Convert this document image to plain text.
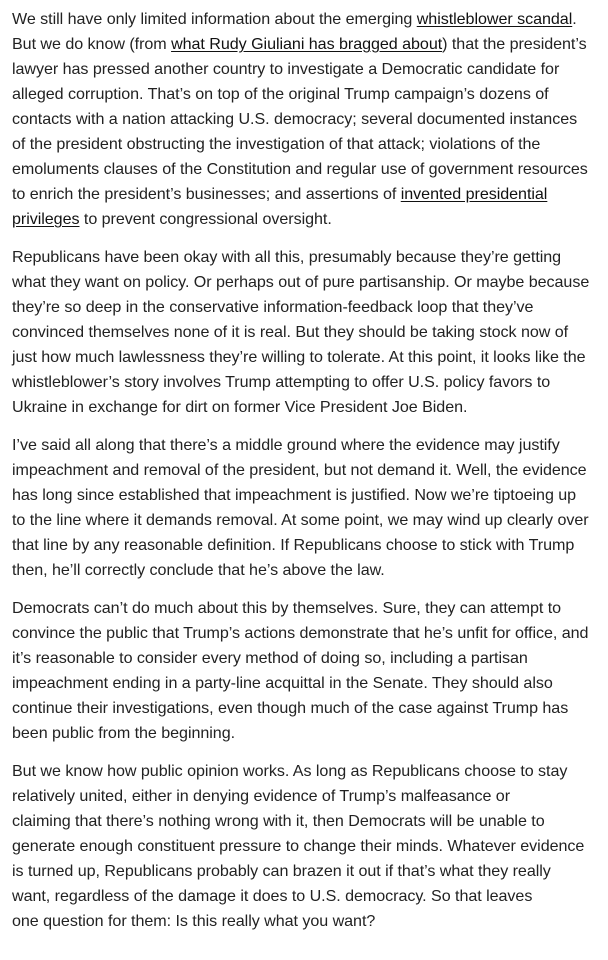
We still have only limited information about the emerging whistleblower scandal.
But we do know (from what Rudy Giuliani has bragged about) that the president’s
lawyer has pressed another country to investigate a Democratic candidate for
alleged corruption. That’s on top of the original Trump campaign’s dozens of
contacts with a nation attacking U.S. democracy; several documented instances
of the president obstructing the investigation of that attack; violations of the
emoluments clauses of the Constitution and regular use of government resources
to enrich the president’s businesses; and assertions of invented presidential
privileges to prevent congressional oversight.

Republicans have been okay with all this, presumably because they’re getting
what they want on policy. Or perhaps out of pure partisanship. Or maybe because
they’re so deep in the conservative information-feedback loop that they’ve
convinced themselves none of it is real. But they should be taking stock now of
just how much lawlessness they’re willing to tolerate. At this point, it looks like the
whistleblower’s story involves Trump attempting to offer U.S. policy favors to
Ukraine in exchange for dirt on former Vice President Joe Biden.

I’ve said all along that there’s a middle ground where the evidence may justify
impeachment and removal of the president, but not demand it. Well, the evidence
has long since established that impeachment is justified. Now we’re tiptoeing up
to the line where it demands removal. At some point, we may wind up clearly over
that line by any reasonable definition. If Republicans choose to stick with Trump
then, he’ll correctly conclude that he’s above the law.

Democrats can’t do much about this by themselves. Sure, they can attempt to
convince the public that Trump’s actions demonstrate that he’s unfit for office, and
it’s reasonable to consider every method of doing so, including a partisan
impeachment ending in a party-line acquittal in the Senate. They should also
continue their investigations, even though much of the case against Trump has
been public from the beginning.

But we know how public opinion works. As long as Republicans choose to stay
relatively united, either in denying evidence of Trump’s malfeasance or
claiming that there’s nothing wrong with it, then Democrats will be unable to
generate enough constituent pressure to change their minds. Whatever evidence
is turned up, Republicans probably can brazen it out if that’s what they really
want, regardless of the damage it does to U.S. democracy. So that leaves
one question for them: Is this really what you want?
